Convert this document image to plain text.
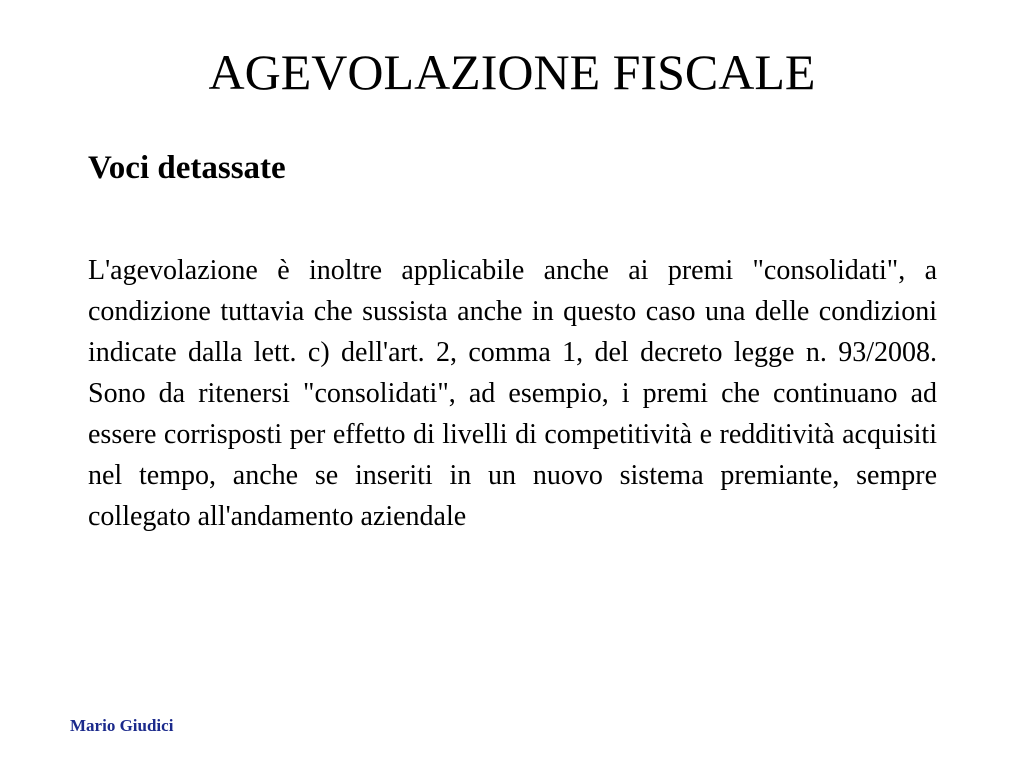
AGEVOLAZIONE FISCALE
Voci detassate

L'agevolazione è inoltre applicabile anche ai premi "consolidati", a condizione tuttavia che sussista anche in questo caso una delle condizioni indicate dalla lett. c) dell'art. 2, comma 1, del decreto legge n. 93/2008. Sono da ritenersi "consolidati", ad esempio, i premi che continuano ad essere corrisposti per effetto di livelli di competitività e redditività acquisiti nel tempo, anche se inseriti in un nuovo sistema premiante, sempre collegato all'andamento aziendale

Mario Giudici
